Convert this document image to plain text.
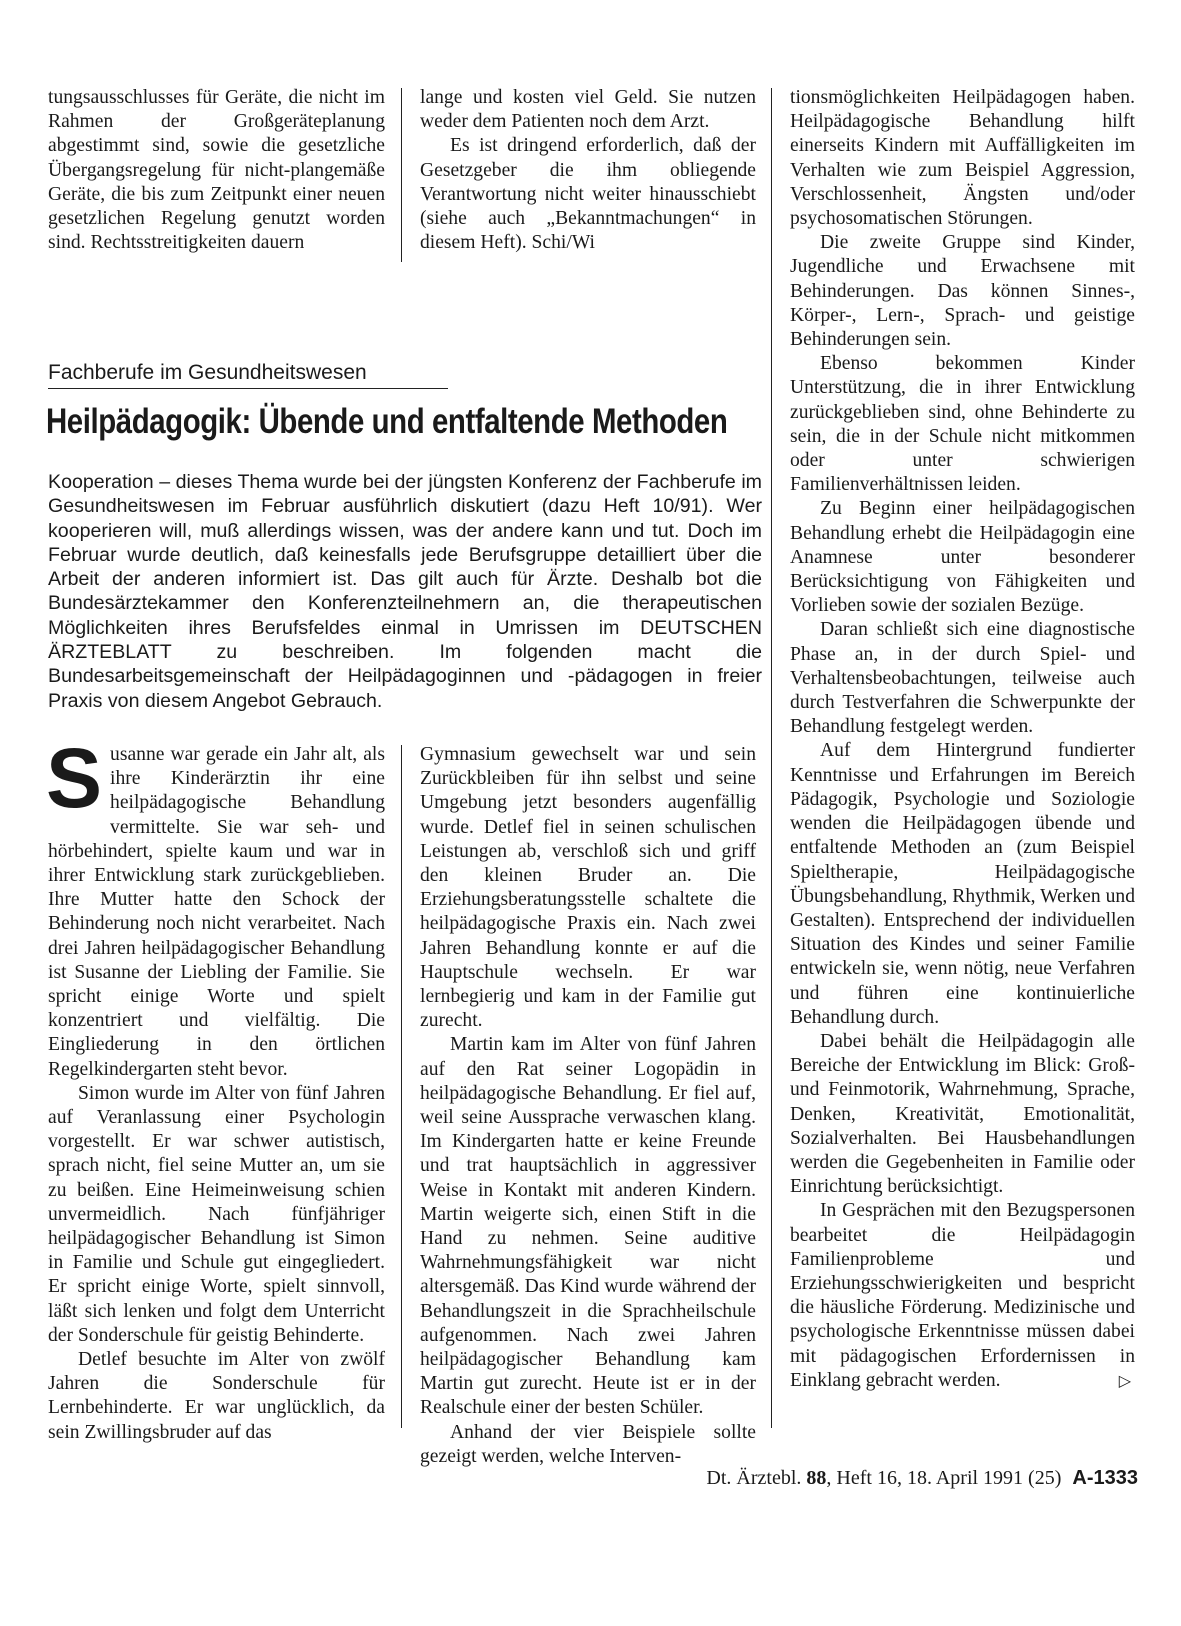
tungsausschlusses für Geräte, die nicht im Rahmen der Großgeräteplanung abgestimmt sind, sowie die gesetzliche Übergangsregelung für nicht-plangemäße Geräte, die bis zum Zeitpunkt einer neuen gesetzlichen Regelung genutzt worden sind. Rechtsstreitigkeiten dauern

lange und kosten viel Geld. Sie nutzen weder dem Patienten noch dem Arzt.

Es ist dringend erforderlich, daß der Gesetzgeber die ihm obliegende Verantwortung nicht weiter hinausschiebt (siehe auch „Bekanntmachungen“ in diesem Heft). Schi/Wi

Fachberufe im Gesundheitswesen
Heilpädagogik: Übende und entfaltende Methoden
Kooperation – dieses Thema wurde bei der jüngsten Konferenz der Fachberufe im Gesundheitswesen im Februar ausführlich diskutiert (dazu Heft 10/91). Wer kooperieren will, muß allerdings wissen, was der andere kann und tut. Doch im Februar wurde deutlich, daß keinesfalls jede Berufsgruppe detailliert über die Arbeit der anderen informiert ist. Das gilt auch für Ärzte. Deshalb bot die Bundesärztekammer den Konferenzteilnehmern an, die therapeutischen Möglichkeiten ihres Berufsfeldes einmal in Umrissen im DEUTSCHEN ÄRZTEBLATT zu beschreiben. Im folgenden macht die Bundesarbeitsgemeinschaft der Heilpädagoginnen und -pädagogen in freier Praxis von diesem Angebot Gebrauch.

Susanne war gerade ein Jahr alt, als ihre Kinderärztin ihr eine heilpädagogische Behandlung vermittelte. Sie war seh- und hörbehindert, spielte kaum und war in ihrer Entwicklung stark zurückgeblieben. Ihre Mutter hatte den Schock der Behinderung noch nicht verarbeitet. Nach drei Jahren heilpädagogischer Behandlung ist Susanne der Liebling der Familie. Sie spricht einige Worte und spielt konzentriert und vielfältig. Die Eingliederung in den örtlichen Regelkindergarten steht bevor.

Simon wurde im Alter von fünf Jahren auf Veranlassung einer Psychologin vorgestellt. Er war schwer autistisch, sprach nicht, fiel seine Mutter an, um sie zu beißen. Eine Heimeinweisung schien unvermeidlich. Nach fünfjähriger heilpädagogischer Behandlung ist Simon in Familie und Schule gut eingegliedert. Er spricht einige Worte, spielt sinnvoll, läßt sich lenken und folgt dem Unterricht der Sonderschule für geistig Behinderte.

Detlef besuchte im Alter von zwölf Jahren die Sonderschule für Lernbehinderte. Er war unglücklich, da sein Zwillingsbruder auf das

Gymnasium gewechselt war und sein Zurückbleiben für ihn selbst und seine Umgebung jetzt besonders augenfällig wurde. Detlef fiel in seinen schulischen Leistungen ab, verschloß sich und griff den kleinen Bruder an. Die Erziehungsberatungsstelle schaltete die heilpädagogische Praxis ein. Nach zwei Jahren Behandlung konnte er auf die Hauptschule wechseln. Er war lernbegierig und kam in der Familie gut zurecht.

Martin kam im Alter von fünf Jahren auf den Rat seiner Logopädin in heilpädagogische Behandlung. Er fiel auf, weil seine Aussprache verwaschen klang. Im Kindergarten hatte er keine Freunde und trat hauptsächlich in aggressiver Weise in Kontakt mit anderen Kindern. Martin weigerte sich, einen Stift in die Hand zu nehmen. Seine auditive Wahrnehmungsfähigkeit war nicht altersgemäß. Das Kind wurde während der Behandlungszeit in die Sprachheilschule aufgenommen. Nach zwei Jahren heilpädagogischer Behandlung kam Martin gut zurecht. Heute ist er in der Realschule einer der besten Schüler.

Anhand der vier Beispiele sollte gezeigt werden, welche Interven-

tionsmöglichkeiten Heilpädagogen haben. Heilpädagogische Behandlung hilft einerseits Kindern mit Auffälligkeiten im Verhalten wie zum Beispiel Aggression, Verschlossenheit, Ängsten und/oder psychosomatischen Störungen.

Die zweite Gruppe sind Kinder, Jugendliche und Erwachsene mit Behinderungen. Das können Sinnes-, Körper-, Lern-, Sprach- und geistige Behinderungen sein.

Ebenso bekommen Kinder Unterstützung, die in ihrer Entwicklung zurückgeblieben sind, ohne Behinderte zu sein, die in der Schule nicht mitkommen oder unter schwierigen Familienverhältnissen leiden.

Zu Beginn einer heilpädagogischen Behandlung erhebt die Heilpädagogin eine Anamnese unter besonderer Berücksichtigung von Fähigkeiten und Vorlieben sowie der sozialen Bezüge.

Daran schließt sich eine diagnostische Phase an, in der durch Spiel- und Verhaltensbeobachtungen, teilweise auch durch Testverfahren die Schwerpunkte der Behandlung festgelegt werden.

Auf dem Hintergrund fundierter Kenntnisse und Erfahrungen im Bereich Pädagogik, Psychologie und Soziologie wenden die Heilpädagogen übende und entfaltende Methoden an (zum Beispiel Spieltherapie, Heilpädagogische Übungsbehandlung, Rhythmik, Werken und Gestalten). Entsprechend der individuellen Situation des Kindes und seiner Familie entwickeln sie, wenn nötig, neue Verfahren und führen eine kontinuierliche Behandlung durch.

Dabei behält die Heilpädagogin alle Bereiche der Entwicklung im Blick: Groß- und Feinmotorik, Wahrnehmung, Sprache, Denken, Kreativität, Emotionalität, Sozialverhalten. Bei Hausbehandlungen werden die Gegebenheiten in Familie oder Einrichtung berücksichtigt.

In Gesprächen mit den Bezugspersonen bearbeitet die Heilpädagogin Familienprobleme und Erziehungsschwierigkeiten und bespricht die häusliche Förderung. Medizinische und psychologische Erkenntnisse müssen dabei mit pädagogischen Erfordernissen in Einklang gebracht werden.	▷

Dt. Ärztebl. 88, Heft 16, 18. April 1991 (25) A-1333
